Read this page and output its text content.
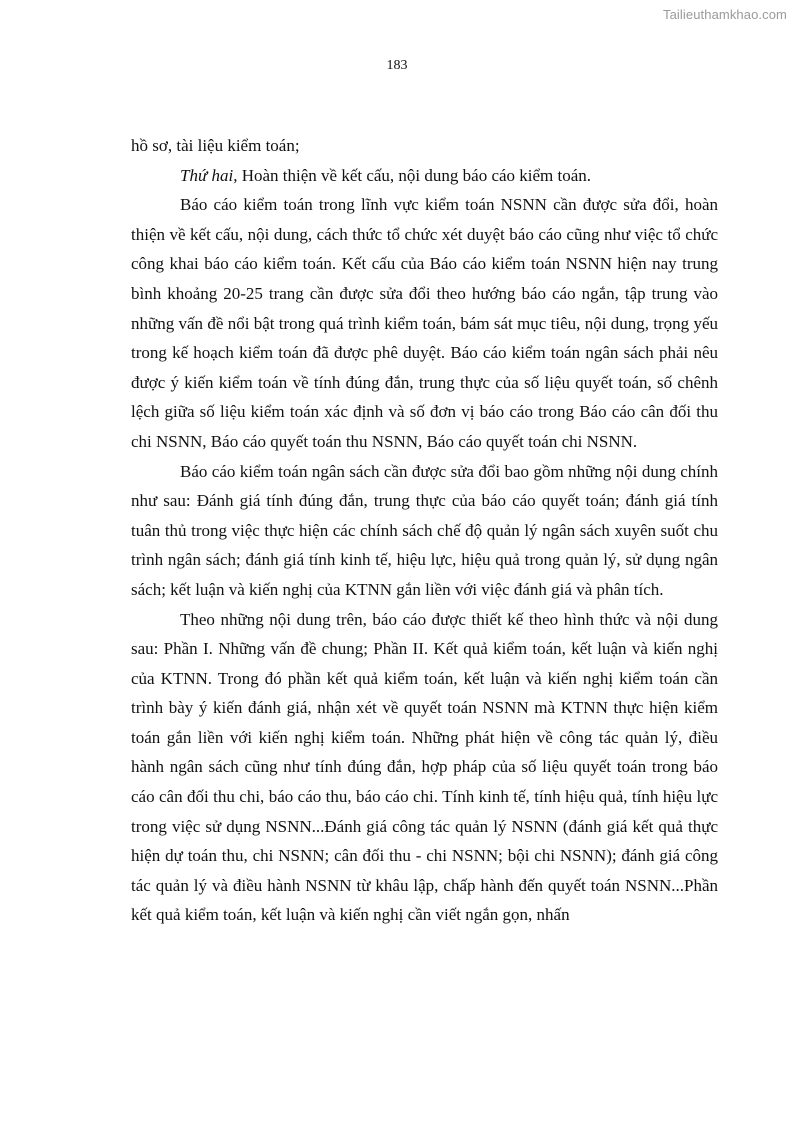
Tailieuthamkhao.com
183

hồ sơ, tài liệu kiểm toán;

Thứ hai, Hoàn thiện về kết cấu, nội dung báo cáo kiểm toán.

Báo cáo kiểm toán trong lĩnh vực kiểm toán NSNN cần được sửa đổi, hoàn thiện về kết cấu, nội dung, cách thức tổ chức xét duyệt báo cáo cũng như việc tổ chức công khai báo cáo kiểm toán. Kết cấu của Báo cáo kiểm toán NSNN hiện nay trung bình khoảng 20-25 trang cần được sửa đổi theo hướng báo cáo ngắn, tập trung vào những vấn đề nổi bật trong quá trình kiểm toán, bám sát mục tiêu, nội dung, trọng yếu trong kế hoạch kiểm toán đã được phê duyệt. Báo cáo kiểm toán ngân sách phải nêu được ý kiến kiểm toán về tính đúng đắn, trung thực của số liệu quyết toán, số chênh lệch giữa số liệu kiểm toán xác định và số đơn vị báo cáo trong Báo cáo cân đối thu chi NSNN, Báo cáo quyết toán thu NSNN, Báo cáo quyết toán chi NSNN.

Báo cáo kiểm toán ngân sách cần được sửa đổi bao gồm những nội dung chính như sau: Đánh giá tính đúng đắn, trung thực của báo cáo quyết toán; đánh giá tính tuân thủ trong việc thực hiện các chính sách chế độ quản lý ngân sách xuyên suốt chu trình ngân sách; đánh giá tính kinh tế, hiệu lực, hiệu quả trong quản lý, sử dụng ngân sách; kết luận và kiến nghị của KTNN gắn liền với việc đánh giá và phân tích.

Theo những nội dung trên, báo cáo được thiết kế theo hình thức và nội dung sau: Phần I. Những vấn đề chung; Phần II. Kết quả kiểm toán, kết luận và kiến nghị của KTNN. Trong đó phần kết quả kiểm toán, kết luận và kiến nghị kiểm toán cần trình bày ý kiến đánh giá, nhận xét về quyết toán NSNN mà KTNN thực hiện kiểm toán gắn liền với kiến nghị kiểm toán. Những phát hiện về công tác quản lý, điều hành ngân sách cũng như tính đúng đắn, hợp pháp của số liệu quyết toán trong báo cáo cân đối thu chi, báo cáo thu, báo cáo chi. Tính kinh tế, tính hiệu quả, tính hiệu lực trong việc sử dụng NSNN...Đánh giá công tác quản lý NSNN (đánh giá kết quả thực hiện dự toán thu, chi NSNN; cân đối thu - chi NSNN; bội chi NSNN); đánh giá công tác quản lý và điều hành NSNN từ khâu lập, chấp hành đến quyết toán NSNN...Phần kết quả kiểm toán, kết luận và kiến nghị cần viết ngắn gọn, nhấn
